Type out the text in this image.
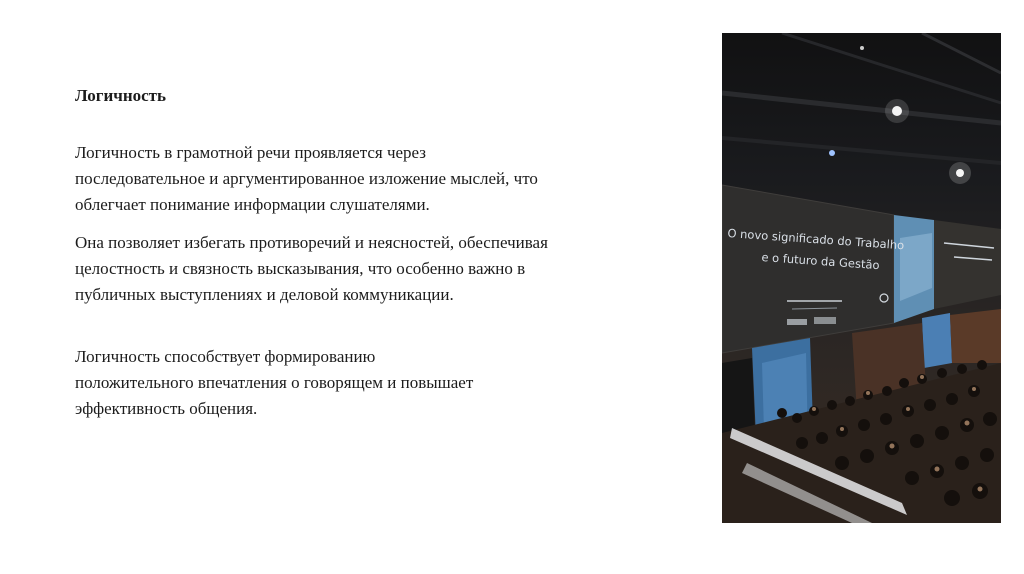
Логичность

Логичность в грамотной речи проявляется через последовательное и аргументированное изложение мыслей, что облегчает понимание информации слушателями.

Она позволяет избегать противоречий и неясностей, обеспечивая целостность и связность высказывания, что особенно важно в публичных выступлениях и деловой коммуникации.

Логичность способствует формированию положительного впечатления о говорящем и повышает эффективность общения.

O novo significado do Trabalho
e o futuro da Gestão
